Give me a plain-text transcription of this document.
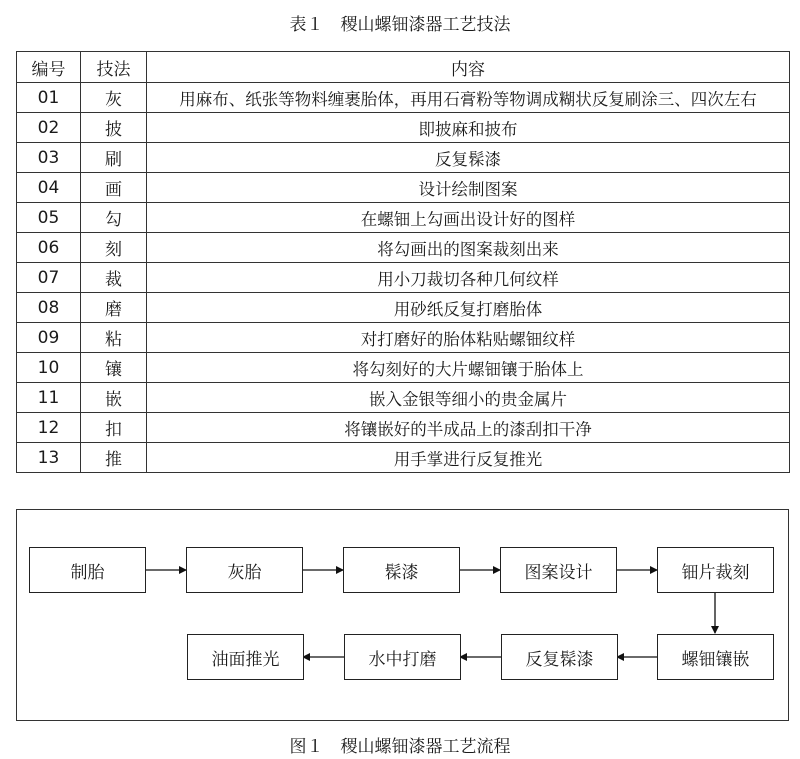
表１　稷山螺钿漆器工艺技法
编号	技法	内容
01	灰	用麻布、纸张等物料缠裹胎体，再用石膏粉等物调成糊状反复刷涂三、四次左右
02	披	即披麻和披布
03	刷	反复髹漆
04	画	设计绘制图案
05	勾	在螺钿上勾画出设计好的图样
06	刻	将勾画出的图案裁刻出来
07	裁	用小刀裁切各种几何纹样
08	磨	用砂纸反复打磨胎体
09	粘	对打磨好的胎体粘贴螺钿纹样
10	镶	将勾刻好的大片螺钿镶于胎体上
11	嵌	嵌入金银等细小的贵金属片
12	扣	将镶嵌好的半成品上的漆刮扣干净
13	推	用手掌进行反复推光
制胎	灰胎	髹漆	图案设计	钿片裁刻
螺钿镶嵌
反复髹漆
水中打磨
油面推光
图１　稷山螺钿漆器工艺流程
